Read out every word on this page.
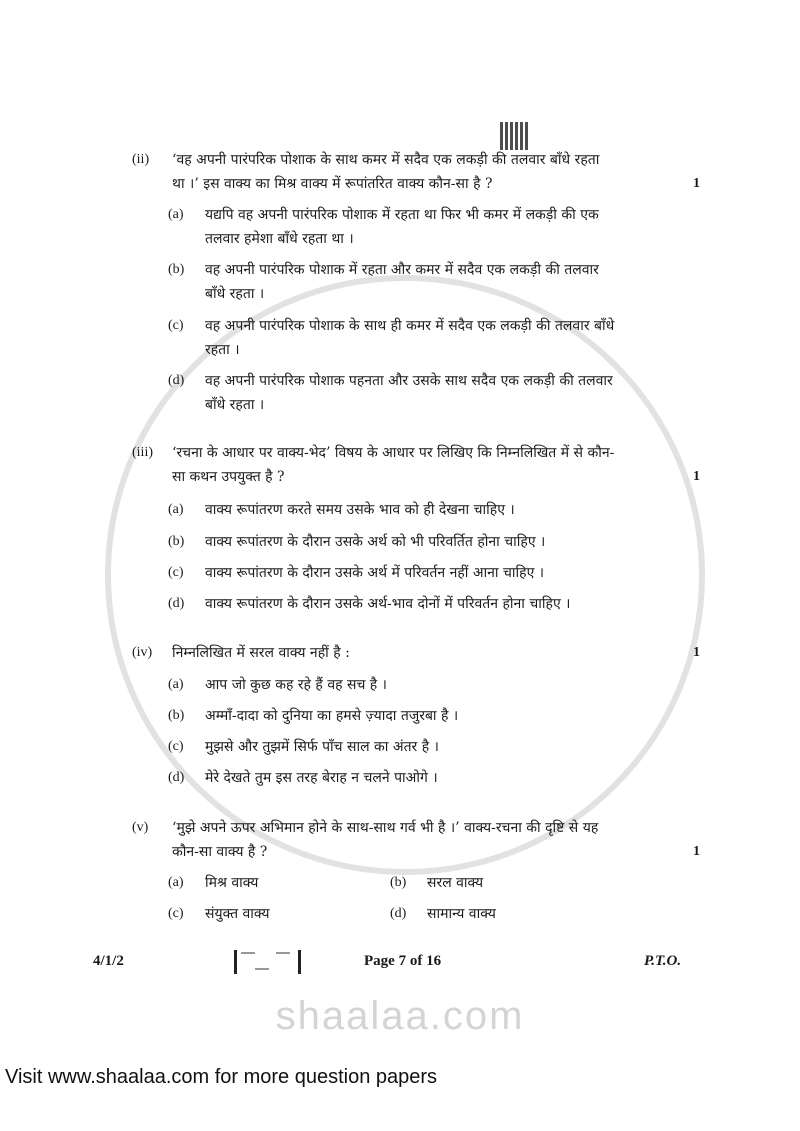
(ii) ‘वह अपनी पारंपरिक पोशाक के साथ कमर में सदैव एक लकड़ी की तलवार बाँधे रहता
था ।’ इस वाक्य का मिश्र वाक्य में रूपांतरित वाक्य कौन-सा है ?	1
(a) यद्यपि वह अपनी पारंपरिक पोशाक में रहता था फिर भी कमर में लकड़ी की एक
तलवार हमेशा बाँधे रहता था ।
(b) वह अपनी पारंपरिक पोशाक में रहता और कमर में सदैव एक लकड़ी की तलवार
बाँधे रहता ।
(c) वह अपनी पारंपरिक पोशाक के साथ ही कमर में सदैव एक लकड़ी की तलवार बाँधे
रहता ।
(d) वह अपनी पारंपरिक पोशाक पहनता और उसके साथ सदैव एक लकड़ी की तलवार
बाँधे रहता ।
(iii) ‘रचना के आधार पर वाक्य-भेद’ विषय के आधार पर लिखिए कि निम्नलिखित में से कौन-
सा कथन उपयुक्त है ?	1
(a) वाक्य रूपांतरण करते समय उसके भाव को ही देखना चाहिए ।
(b) वाक्य रूपांतरण के दौरान उसके अर्थ को भी परिवर्तित होना चाहिए ।
(c) वाक्य रूपांतरण के दौरान उसके अर्थ में परिवर्तन नहीं आना चाहिए ।
(d) वाक्य रूपांतरण के दौरान उसके अर्थ-भाव दोनों में परिवर्तन होना चाहिए ।
(iv) निम्नलिखित में सरल वाक्य नहीं है :	1
(a) आप जो कुछ कह रहे हैं वह सच है ।
(b) अम्माँ-दादा को दुनिया का हमसे ज़्यादा तजुरबा है ।
(c) मुझसे और तुझमें सिर्फ पाँच साल का अंतर है ।
(d) मेरे देखते तुम इस तरह बेराह न चलने पाओगे ।
(v) ‘मुझे अपने ऊपर अभिमान होने के साथ-साथ गर्व भी है ।’ वाक्य-रचना की दृष्टि से यह
कौन-सा वाक्य है ?	1
(a) मिश्र वाक्य	(b) सरल वाक्य
(c) संयुक्त वाक्य	(d) सामान्य वाक्य
4/1/2	Page 7 of 16	P.T.O.
shaalaa.com
Visit www.shaalaa.com for more question papers
